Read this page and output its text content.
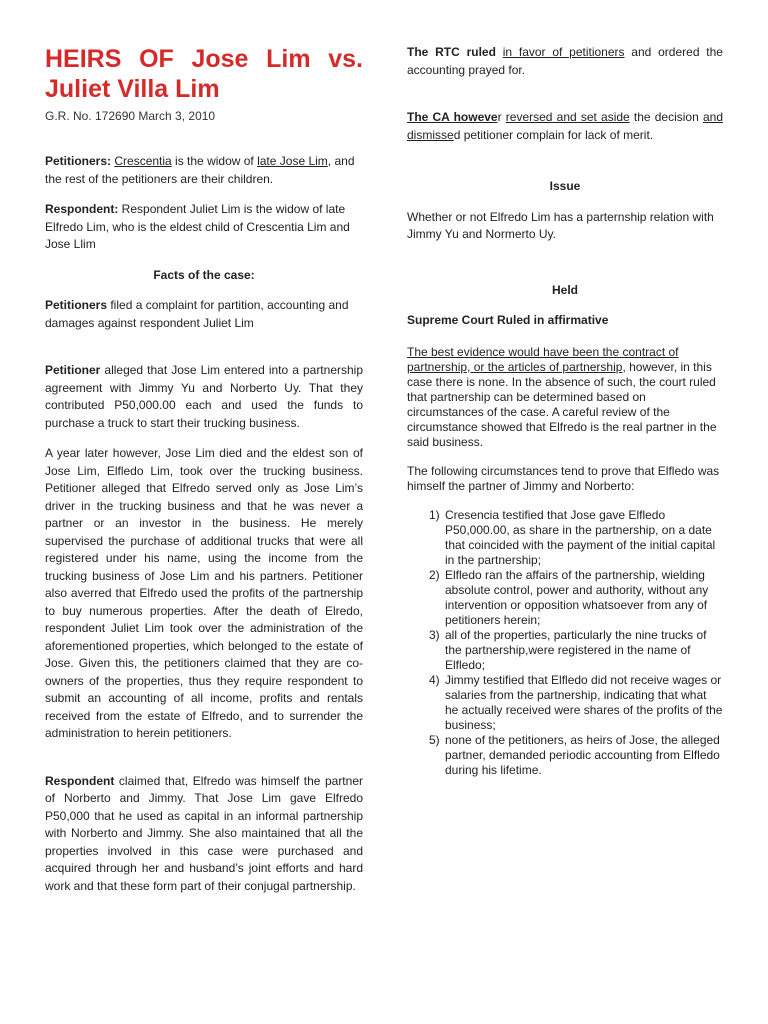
HEIRS OF Jose Lim vs. Juliet Villa Lim
G.R. No. 172690 March 3, 2010

Petitioners: Crescentia is the widow of late Jose Lim, and the rest of the petitioners are their children.

Respondent: Respondent Juliet Lim is the widow of late Elfredo Lim, who is the eldest child of Crescentia Lim and Jose Llim

Facts of the case:

Petitioners filed a complaint for partition, accounting and damages against respondent Juliet Lim

Petitioner alleged that Jose Lim entered into a partnership agreement with Jimmy Yu and Norberto Uy. That they contributed P50,000.00 each and used the funds to purchase a truck to start their trucking business.

A year later however, Jose Lim died and the eldest son of Jose Lim, Elfledo Lim, took over the trucking business. Petitioner alleged that Elfredo served only as Jose Lim’s driver in the trucking business and that he was never a partner or an investor in the business. He merely supervised the purchase of additional trucks that were all registered under his name, using the income from the trucking business of Jose Lim and his partners. Petitioner also averred that Elfredo used the profits of the partnership to buy numerous properties. After the death of Elredo, respondent Juliet Lim took over the administration of the aforementioned properties, which belonged to the estate of Jose. Given this, the petitioners claimed that they are co-owners of the properties, thus they require respondent to submit an accounting of all income, profits and rentals received from the estate of Elfredo, and to surrender the administration to herein petitioners.

Respondent claimed that, Elfredo was himself the partner of Norberto and Jimmy. That Jose Lim gave Elfredo P50,000 that he used as capital in an informal partnership with Norberto and Jimmy. She also maintained that all the properties involved in this case were purchased and acquired through her and husband’s joint efforts and hard work and that these form part of their conjugal partnership.

The RTC ruled in favor of petitioners and ordered the accounting prayed for.

The CA however reversed and set aside the decision and dismissed petitioner complain for lack of merit.

Issue

Whether or not Elfredo Lim has a parternship relation with Jimmy Yu and Normerto Uy.

Held

Supreme Court Ruled in affirmative

The best evidence would have been the contract of partnership, or the articles of partnership, however, in this case there is none. In the absence of such, the court ruled that partnership can be determined based on circumstances of the case. A careful review of the circumstance showed that Elfredo is the real partner in the said business.

The following circumstances tend to prove that Elfledo was himself the partner of Jimmy and Norberto:

1) Cresencia testified that Jose gave Elfledo P50,000.00, as share in the partnership, on a date that coincided with the payment of the initial capital in the partnership;
2) Elfledo ran the affairs of the partnership, wielding absolute control, power and authority, without any intervention or opposition whatsoever from any of petitioners herein;
3) all of the properties, particularly the nine trucks of the partnership,were registered in the name of Elfledo;
4) Jimmy testified that Elfledo did not receive wages or salaries from the partnership, indicating that what he actually received were shares of the profits of the business;
5) none of the petitioners, as heirs of Jose, the alleged partner, demanded periodic accounting from Elfledo during his lifetime.
